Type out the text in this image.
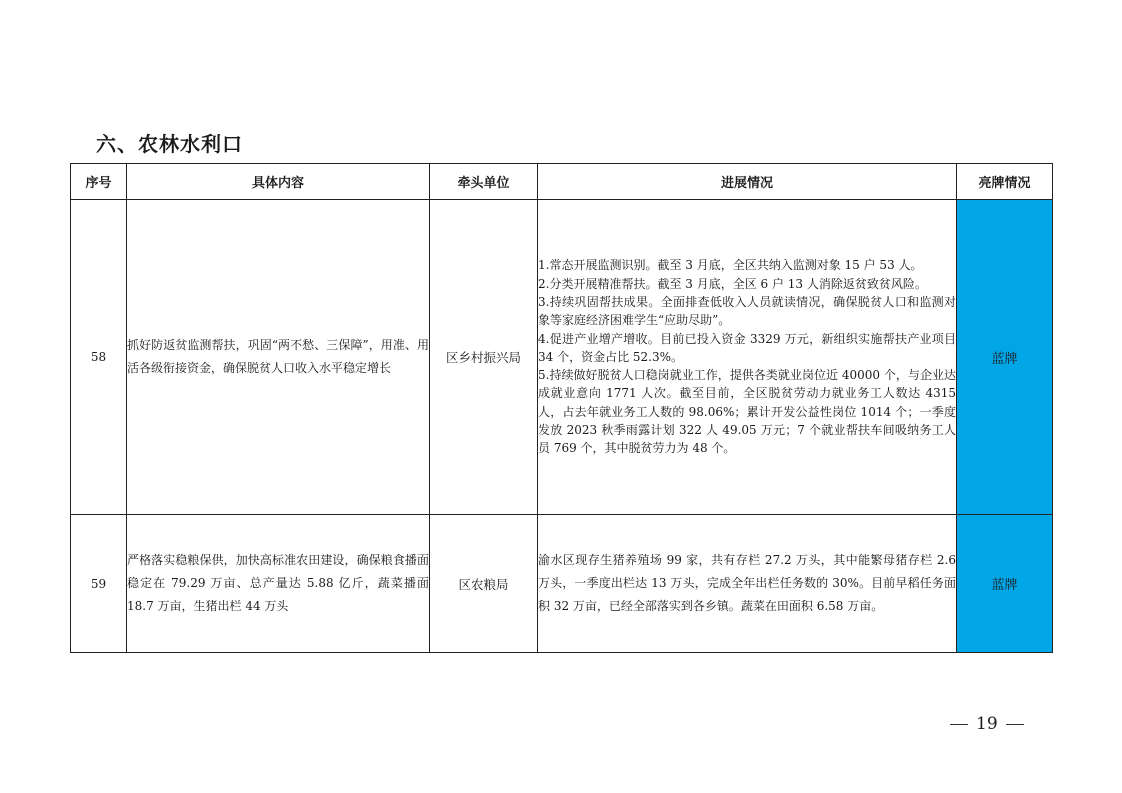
六、农林水利口
序号	具体内容	牵头单位	进展情况	亮牌情况
58	抓好防返贫监测帮扶，巩固“两不愁、三保障”，用准、用活各级衔接资金，确保脱贫人口收入水平稳定增长	区乡村振兴局	1.常态开展监测识别。截至 3 月底，全区共纳入监测对象 15 户 53 人。
2.分类开展精准帮扶。截至 3 月底，全区 6 户 13 人消除返贫致贫风险。
3.持续巩固帮扶成果。全面排查低收入人员就读情况，确保脱贫人口和监测对象等家庭经济困难学生“应助尽助”。
4.促进产业增产增收。目前已投入资金 3329 万元，新组织实施帮扶产业项目 34 个，资金占比 52.3%。
5.持续做好脱贫人口稳岗就业工作，提供各类就业岗位近 40000 个，与企业达成就业意向 1771 人次。截至目前，全区脱贫劳动力就业务工人数达 4315 人，占去年就业务工人数的 98.06%；累计开发公益性岗位 1014 个；一季度发放 2023 秋季雨露计划 322 人 49.05 万元；7 个就业帮扶车间吸纳务工人员 769 个，其中脱贫劳力为 48 个。	蓝牌
59	严格落实稳粮保供，加快高标准农田建设，确保粮食播面稳定在 79.29 万亩、总产量达 5.88 亿斤，蔬菜播面 18.7 万亩，生猪出栏 44 万头	区农粮局	渝水区现存生猪养殖场 99 家，共有存栏 27.2 万头，其中能繁母猪存栏 2.6 万头，一季度出栏达 13 万头，完成全年出栏任务数的 30%。目前早稻任务面积 32 万亩，已经全部落实到各乡镇。蔬菜在田面积 6.58 万亩。	蓝牌
19
